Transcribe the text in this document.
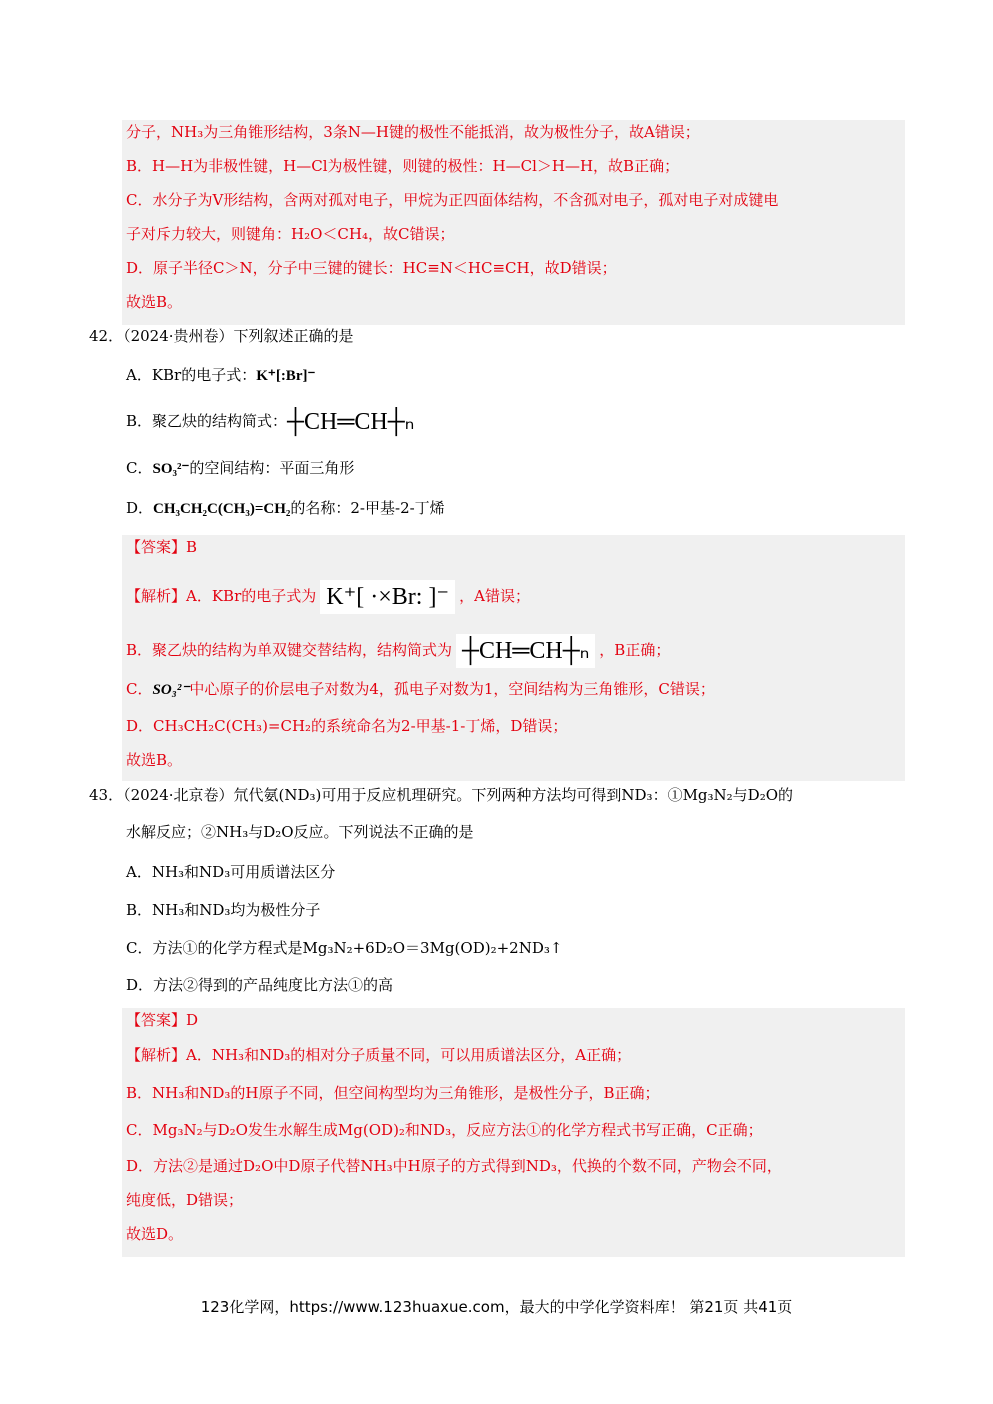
分子，NH₃为三角锥形结构，3条N—H键的极性不能抵消，故为极性分子，故A错误；
B．H—H为非极性键，H—Cl为极性键，则键的极性：H—Cl＞H—H，故B正确；
C．水分子为V形结构，含两对孤对电子，甲烷为正四面体结构，不含孤对电子，孤对电子对成键电
子对斥力较大，则键角：H₂O＜CH₄，故C错误；
D．原子半径C＞N，分子中三键的键长：HC≡N＜HC≡CH，故D错误；
故选B。
42．（2024·贵州卷）下列叙述正确的是
A．KBr的电子式：K⁺[:Br]⁻
B．聚乙炔的结构简式：┼CH═CH┼ₙ
C．SO₃²⁻的空间结构：平面三角形
D．CH₃CH₂C(CH₃)=CH₂的名称：2-甲基-2-丁烯
【答案】B
【解析】A．KBr的电子式为 K⁺[ ·×Br: ]⁻ ，A错误；
B．聚乙炔的结构为单双键交替结构，结构简式为 ┼CH═CH┼ₙ ，B正确；
C．SO₃²⁻中心原子的价层电子对数为4，孤电子对数为1，空间结构为三角锥形，C错误；
D．CH₃CH₂C(CH₃)=CH₂的系统命名为2-甲基-1-丁烯，D错误；
故选B。
43．（2024·北京卷）氘代氨(ND₃)可用于反应机理研究。下列两种方法均可得到ND₃：①Mg₃N₂与D₂O的
水解反应；②NH₃与D₂O反应。下列说法不正确的是
A．NH₃和ND₃可用质谱法区分
B．NH₃和ND₃均为极性分子
C．方法①的化学方程式是Mg₃N₂+6D₂O＝3Mg(OD)₂+2ND₃↑
D．方法②得到的产品纯度比方法①的高
【答案】D
【解析】A．NH₃和ND₃的相对分子质量不同，可以用质谱法区分，A正确；
B．NH₃和ND₃的H原子不同，但空间构型均为三角锥形，是极性分子，B正确；
C．Mg₃N₂与D₂O发生水解生成Mg(OD)₂和ND₃，反应方法①的化学方程式书写正确，C正确；
D．方法②是通过D₂O中D原子代替NH₃中H原子的方式得到ND₃，代换的个数不同，产物会不同，
纯度低，D错误；
故选D。
123化学网，https://www.123huaxue.com，最大的中学化学资料库！ 第21页 共41页
